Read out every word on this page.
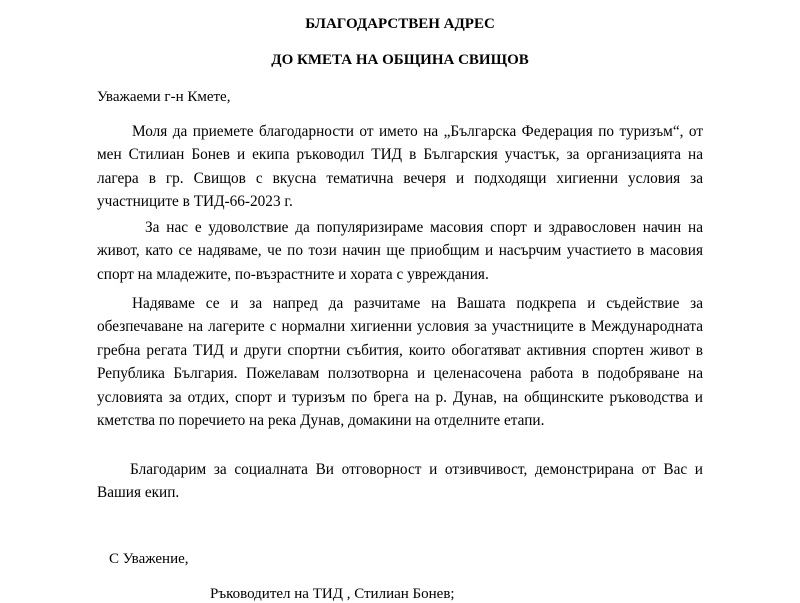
БЛАГОДАРСТВЕН АДРЕС
ДО КМЕТА НА ОБЩИНА СВИЩОВ
Уважаеми г-н Кмете,

Моля да приемете благодарности от името на „Българска Федерация по туризъм“, от мен Стилиан Бонев и екипа ръководил ТИД в Българския участък, за организацията на лагера в гр. Свищов с вкусна тематична вечеря и подходящи хигиенни условия за участниците в ТИД-66-2023 г.

За нас е удоволствие да популяризираме масовия спорт и здравословен начин на живот, като се надяваме, че по този начин ще приобщим и насърчим участието в масовия спорт на младежите, по-възрастните и хората с увреждания.

Надяваме се и за напред да разчитаме на Вашата подкрепа и съдействие за обезпечаване на лагерите с нормални хигиенни условия за участниците в Международната гребна регата ТИД и други спортни събития, които обогатяват активния спортен живот в Република България. Пожелавам ползотворна и целенасочена работа в подобряване на условията за отдих, спорт и туризъм по брега на р. Дунав, на общинските ръководства и кметства по поречието на река Дунав, домакини на отделните етапи.

Благодарим за социалната Ви отговорност и отзивчивост, демонстрирана от Вас и Вашия екип.

С Уважение,
Ръководител на ТИД , Стилиан Бонев;
